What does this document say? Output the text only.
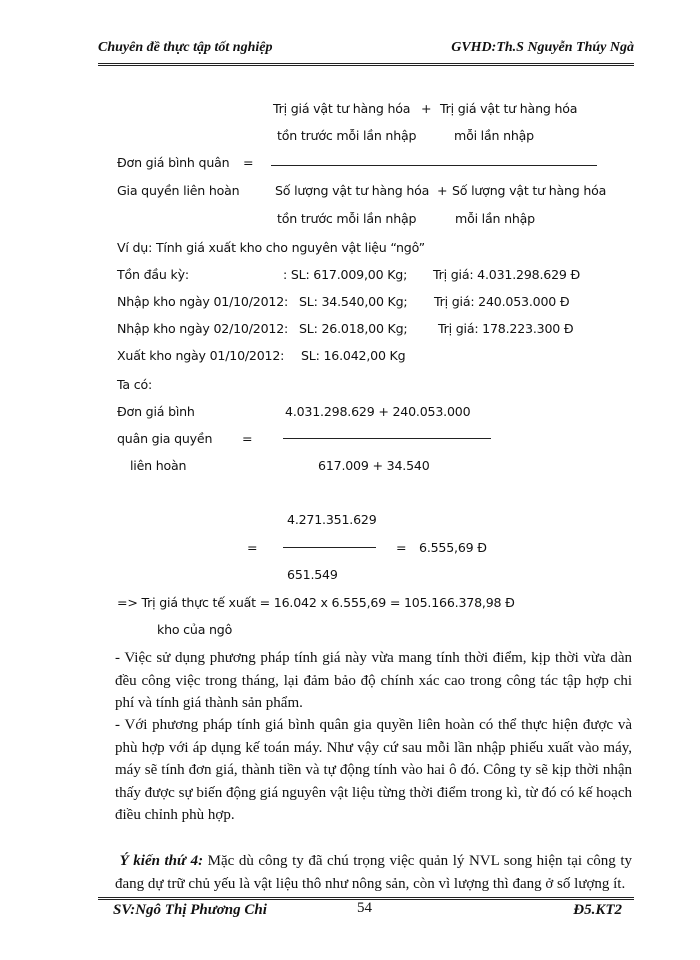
Chuyên đề thực tập tốt nghiệp	GVHD:Th.S Nguyễn Thúy Ngà
Trị giá vật tư hàng hóa + Trị giá vật tư hàng hóa
tồn trước mỗi lần nhập	mỗi lần nhập
Đơn giá bình quân =
Gia quyền liên hoàn	Số lượng vật tư hàng hóa + Số lượng vật tư hàng hóa
tồn trước mỗi lần nhập	mỗi lần nhập
Ví dụ: Tính giá xuất kho cho nguyên vật liệu “ngô”
Tồn đầu kỳ:	: SL: 617.009,00 Kg; Trị giá: 4.031.298.629 Đ
Nhập kho ngày 01/10/2012: SL: 34.540,00 Kg; Trị giá: 240.053.000 Đ
Nhập kho ngày 02/10/2012: SL: 26.018,00 Kg; Trị giá: 178.223.300 Đ
Xuất kho ngày 01/10/2012: SL: 16.042,00 Kg
Ta có:
Đơn giá bình	4.031.298.629 + 240.053.000
quân gia quyền =
liên hoàn	617.009 + 34.540
4.271.351.629
=	= 6.555,69 Đ
651.549
=> Trị giá thực tế xuất = 16.042 x 6.555,69 = 105.166.378,98 Đ
kho của ngô
- Việc sử dụng phương pháp tính giá này vừa mang tính thời điểm, kịp thời vừa dàn đều công việc trong tháng, lại đảm bảo độ chính xác cao trong công tác tập hợp chi phí và tính giá thành sản phẩm.
- Với phương pháp tính giá bình quân gia quyền liên hoàn có thể thực hiện được và phù hợp với áp dụng kế toán máy. Như vậy cứ sau mỗi lần nhập phiếu xuất vào máy, máy sẽ tính đơn giá, thành tiền và tự động tính vào hai ô đó. Công ty sẽ kịp thời nhận thấy được sự biến động giá nguyên vật liệu từng thời điểm trong kì, từ đó có kế hoạch điều chỉnh phù hợp.
Ý kiến thứ 4: Mặc dù công ty đã chú trọng việc quản lý NVL song hiện tại công ty đang dự trữ chủ yếu là vật liệu thô như nông sản, còn vì lượng thì đang ở số lượng ít.
SV:Ngô Thị Phương Chi	54	Đ5.KT2
